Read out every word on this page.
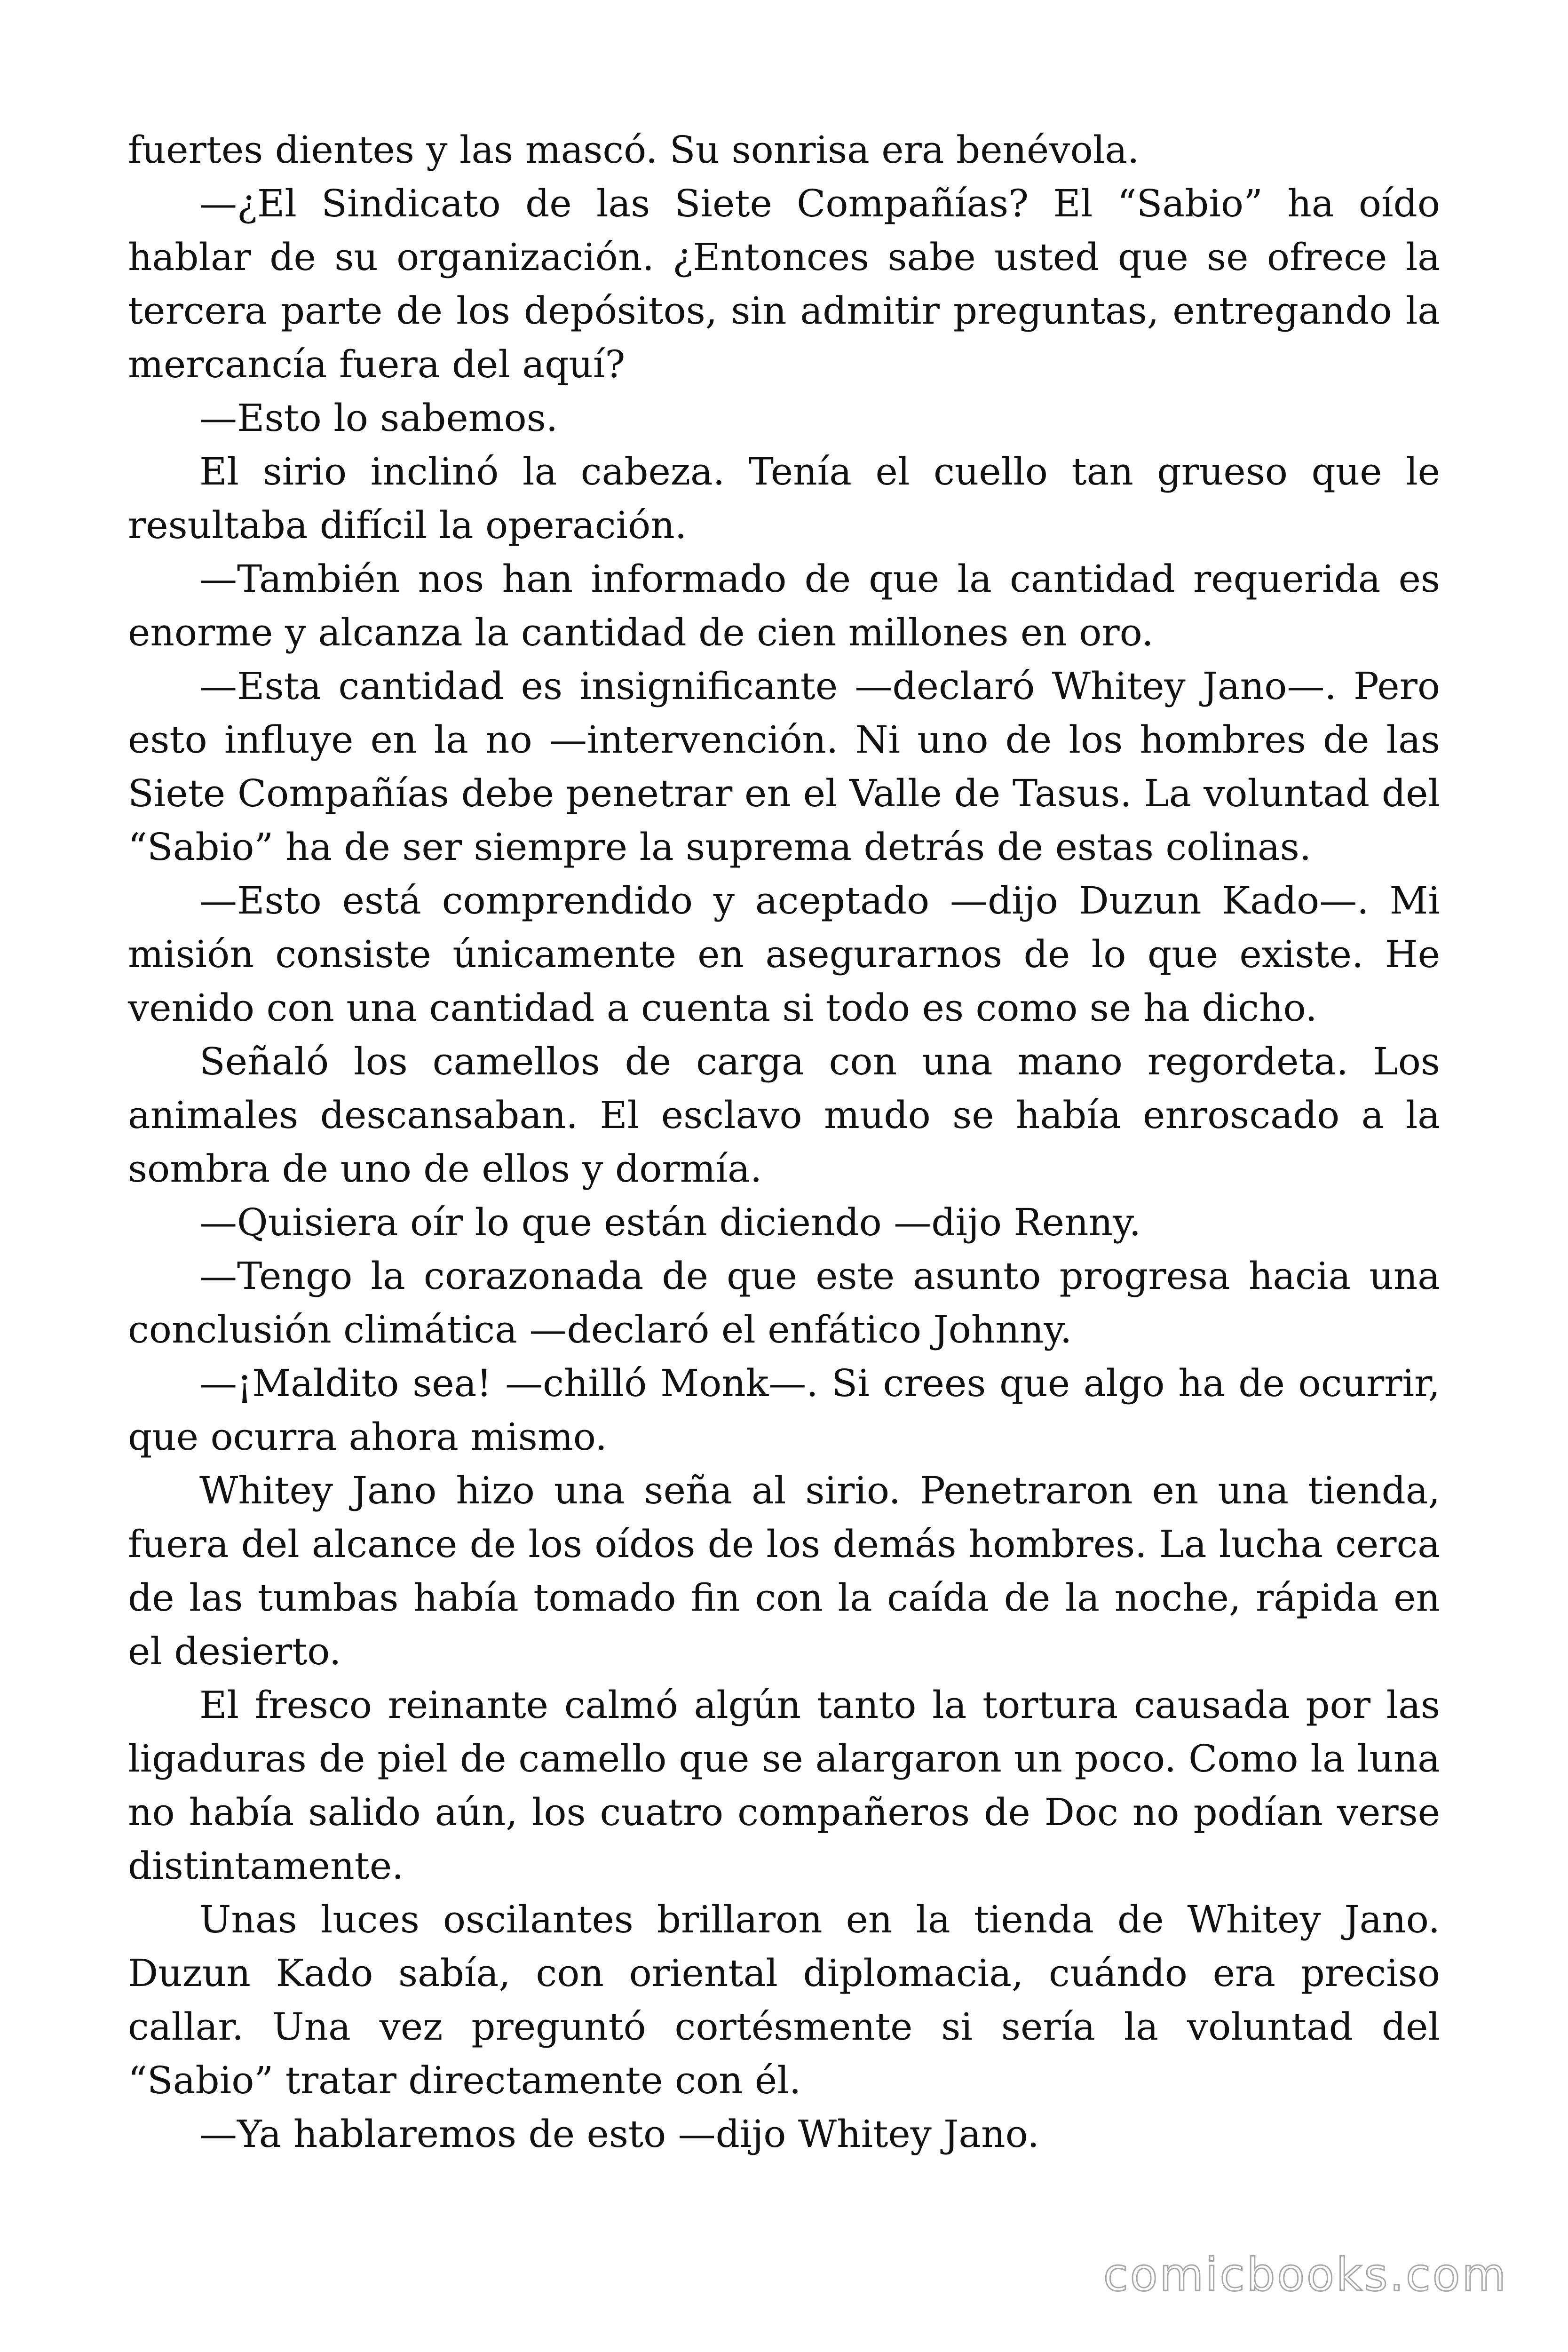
fuertes dientes y las mascó. Su sonrisa era benévola.

—¿El Sindicato de las Siete Compañías? El “Sabio” ha oído hablar de su organización. ¿Entonces sabe usted que se ofrece la tercera parte de los depósitos, sin admitir preguntas, entregando la mercancía fuera del aquí?

—Esto lo sabemos.

El sirio inclinó la cabeza. Tenía el cuello tan grueso que le resultaba difícil la operación.

—También nos han informado de que la cantidad requerida es enorme y alcanza la cantidad de cien millones en oro.

—Esta cantidad es insignificante —declaró Whitey Jano—. Pero esto influye en la no —intervención. Ni uno de los hombres de las Siete Compañías debe penetrar en el Valle de Tasus. La voluntad del “Sabio” ha de ser siempre la suprema detrás de estas colinas.

—Esto está comprendido y aceptado —dijo Duzun Kado—. Mi misión consiste únicamente en asegurarnos de lo que existe. He venido con una cantidad a cuenta si todo es como se ha dicho.

Señaló los camellos de carga con una mano regordeta. Los animales descansaban. El esclavo mudo se había enroscado a la sombra de uno de ellos y dormía.

—Quisiera oír lo que están diciendo —dijo Renny.

—Tengo la corazonada de que este asunto progresa hacia una conclusión climática —declaró el enfático Johnny.

—¡Maldito sea! —chilló Monk—. Si crees que algo ha de ocurrir, que ocurra ahora mismo.

Whitey Jano hizo una seña al sirio. Penetraron en una tienda, fuera del alcance de los oídos de los demás hombres. La lucha cerca de las tumbas había tomado fin con la caída de la noche, rápida en el desierto.

El fresco reinante calmó algún tanto la tortura causada por las ligaduras de piel de camello que se alargaron un poco. Como la luna no había salido aún, los cuatro compañeros de Doc no podían verse distintamente.

Unas luces oscilantes brillaron en la tienda de Whitey Jano. Duzun Kado sabía, con oriental diplomacia, cuándo era preciso callar. Una vez preguntó cortésmente si sería la voluntad del “Sabio” tratar directamente con él.

—Ya hablaremos de esto —dijo Whitey Jano.

comicbooks.com
